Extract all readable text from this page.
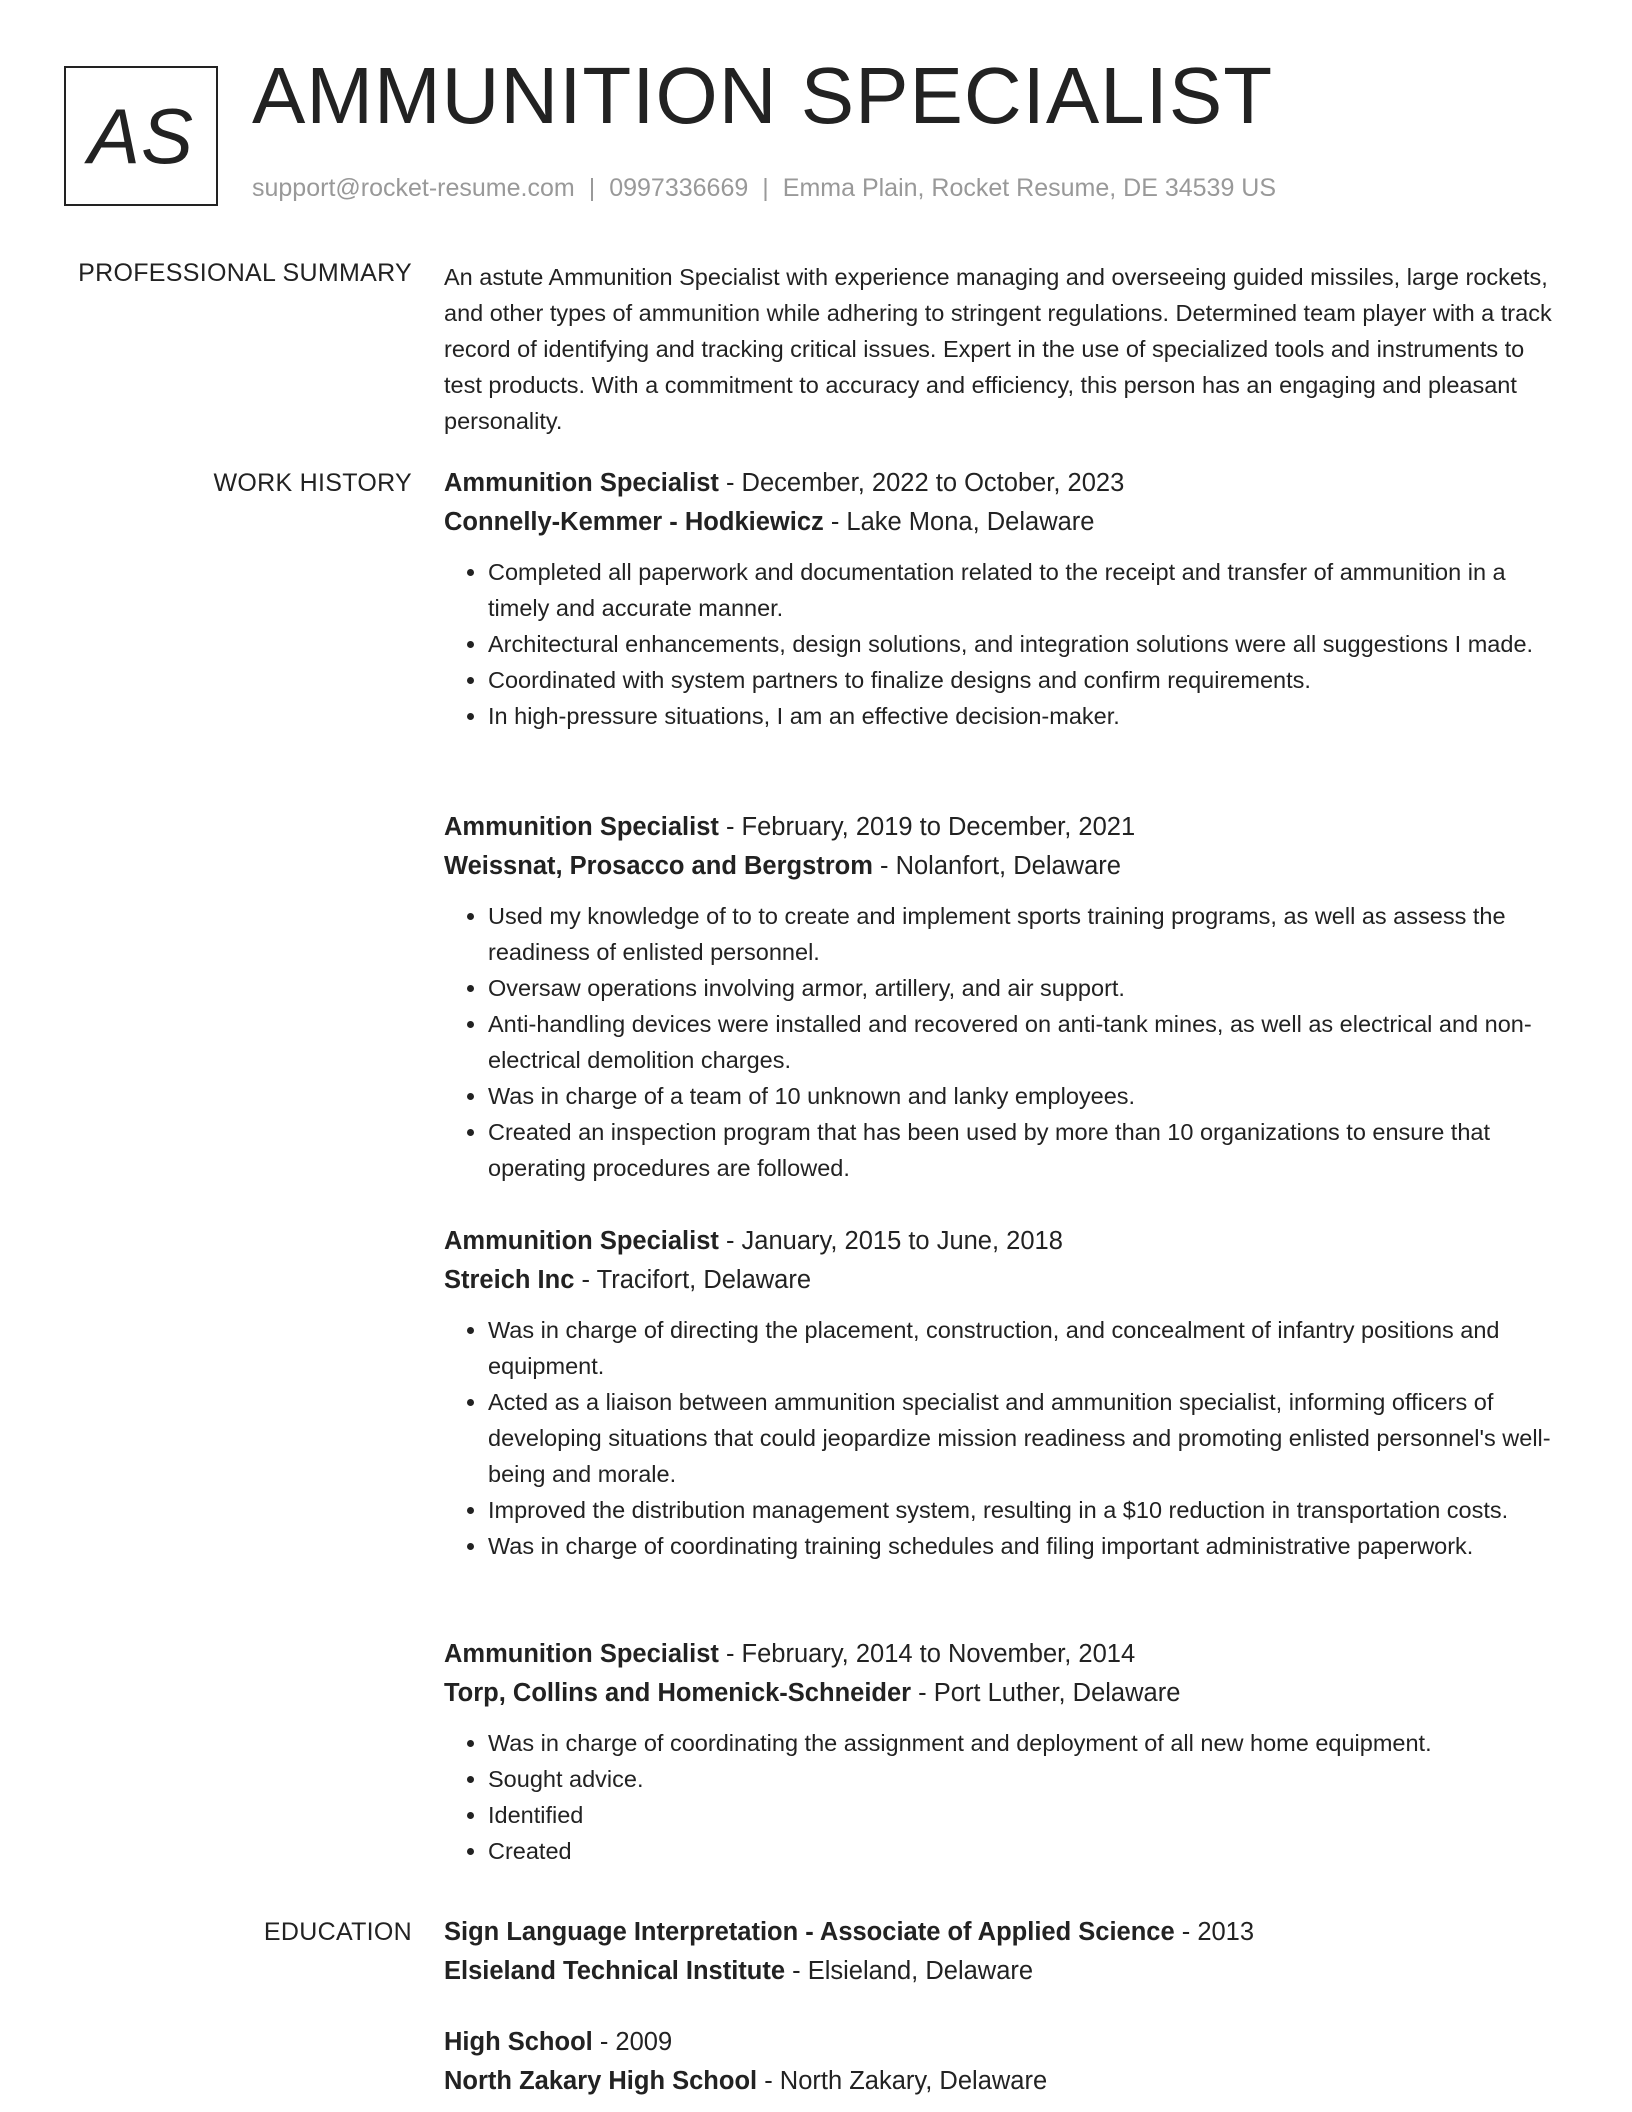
AS AMMUNITION SPECIALIST
support@rocket-resume.com | 0997336669 | Emma Plain, Rocket Resume, DE 34539 US
PROFESSIONAL SUMMARY An astute Ammunition Specialist with experience managing and overseeing guided missiles, large rockets, and other types of ammunition while adhering to stringent regulations. Determined team player with a track record of identifying and tracking critical issues. Expert in the use of specialized tools and instruments to test products. With a commitment to accuracy and efficiency, this person has an engaging and pleasant personality.

WORK HISTORY Ammunition Specialist - December, 2022 to October, 2023

Connelly-Kemmer - Hodkiewicz - Lake Mona, Delaware

• Completed all paperwork and documentation related to the receipt and transfer of ammunition in a timely and accurate manner.
• Architectural enhancements, design solutions, and integration solutions were all suggestions I made.
• Coordinated with system partners to finalize designs and confirm requirements.
• In high-pressure situations, I am an effective decision-maker.

Ammunition Specialist - February, 2019 to December, 2021

Weissnat, Prosacco and Bergstrom - Nolanfort, Delaware

• Used my knowledge of to to create and implement sports training programs, as well as assess the readiness of enlisted personnel.
• Oversaw operations involving armor, artillery, and air support.
• Anti-handling devices were installed and recovered on anti-tank mines, as well as electrical and non-electrical demolition charges.
• Was in charge of a team of 10 unknown and lanky employees.
• Created an inspection program that has been used by more than 10 organizations to ensure that operating procedures are followed.

Ammunition Specialist - January, 2015 to June, 2018

Streich Inc - Tracifort, Delaware

• Was in charge of directing the placement, construction, and concealment of infantry positions and equipment.
• Acted as a liaison between ammunition specialist and ammunition specialist, informing officers of developing situations that could jeopardize mission readiness and promoting enlisted personnel's well-being and morale.
• Improved the distribution management system, resulting in a $10 reduction in transportation costs.
• Was in charge of coordinating training schedules and filing important administrative paperwork.

Ammunition Specialist - February, 2014 to November, 2014

Torp, Collins and Homenick-Schneider - Port Luther, Delaware

• Was in charge of coordinating the assignment and deployment of all new home equipment.
• Sought advice.
• Identified
• Created
EDUCATION Sign Language Interpretation - Associate of Applied Science - 2013

Elsieland Technical Institute - Elsieland, Delaware

High School - 2009

North Zakary High School - North Zakary, Delaware
